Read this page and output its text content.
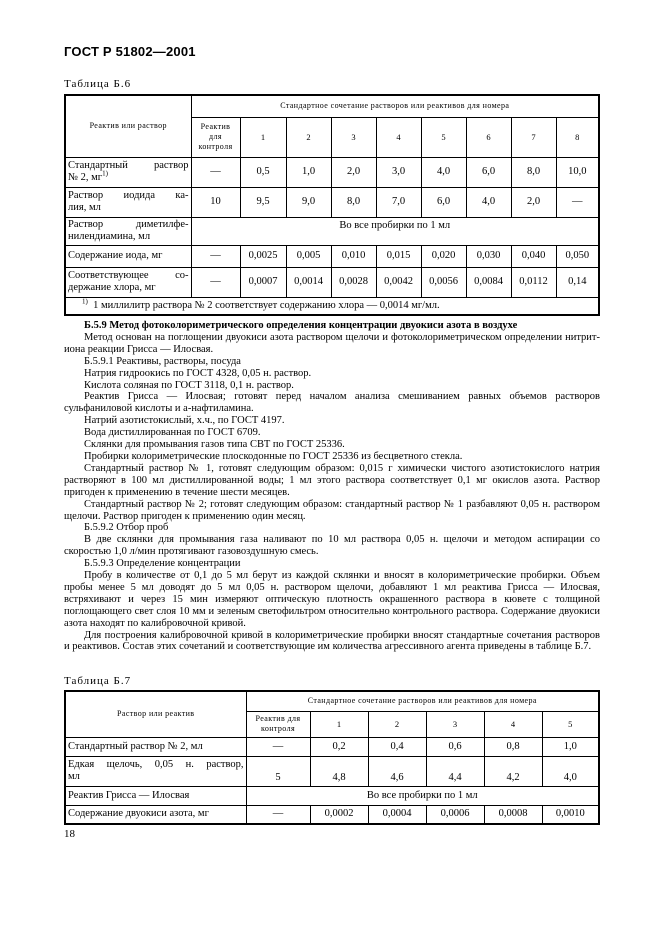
ГОСТ Р 51802—2001
Таблица Б.6
Реактив или раствор	Стандартное сочетание растворов или реактивов для номера								
	Реактив для контроля	1	2	3	4	5	6	7	8

Стандартный раствор
№ 2, $мг^{1)}$	—	0,5	1,0	2,0	3,0	4,0	6,0	8,0	10,0

Раствор иодида ка-
лия, мл	10	9,5	9,0	8,0	7,0	6,0	4,0	2,0	—

Раствор диметилфе-
нилендиамина, мл	Во все пробирки по 1 мл								
Содержание иода, мг	—	0,0025	0,005	0,010	0,015	0,020	0,030	0,040	0,050

Соответствующее со-
держание хлора, мг	—	0,0007	0,0014	0,0028	0,0042	0,0056	0,0084	0,0112	0,14
$^{1)}$ 1 миллилитр раствора № 2 соответствует содержанию хлора — 0,0014 мг/мл.									

Б.5.9 Метод фотоколориметрического определения концентрации двуокиси азота в воздухе

Метод основан на поглощении двуокиси азота раствором щелочи и фотоколориметрическом определении нитрит-иона реакции Грисса — Илосвая.

Б.5.9.1 Реактивы, растворы, посуда

Натрия гидроокись по ГОСТ 4328, 0,05 н. раствор.

Кислота соляная по ГОСТ 3118, 0,1 н. раствор.

Реактив Грисса — Илосвая; готовят перед началом анализа смешиванием равных объемов растворов сульфаниловой кислоты и a-нафтиламина.

Натрий азотистокислый, х.ч., по ГОСТ 4197.

Вода дистиллированная по ГОСТ 6709.

Склянки для промывания газов типа СВТ по ГОСТ 25336.

Пробирки колориметрические плоскодонные по ГОСТ 25336 из бесцветного стекла.

Стандартный раствор № 1, готовят следующим образом: 0,015 г химически чистого азотистокислого натрия растворяют в 100 мл дистиллированной воды; 1 мл этого раствора соответствует 0,1 мг окислов азота. Раствор пригоден к применению в течение шести месяцев.

Стандартный раствор № 2; готовят следующим образом: стандартный раствор № 1 разбавляют 0,05 н. раствором щелочи. Раствор пригоден к применению один месяц.

Б.5.9.2 Отбор проб

В две склянки для промывания газа наливают по 10 мл раствора 0,05 н. щелочи и методом аспирации со скоростью 1,0 л/мин протягивают газовоздушную смесь.

Б.5.9.3 Определение концентрации

Пробу в количестве от 0,1 до 5 мл берут из каждой склянки и вносят в колориметрические пробирки. Объем пробы менее 5 мл доводят до 5 мл 0,05 н. раствором щелочи, добавляют 1 мл реактива Грисса — Илосвая, встряхивают и через 15 мин измеряют оптическую плотность окрашенного раствора в кювете с толщиной поглощающего свет слоя 10 мм и зеленым светофильтром относительно контрольного раствора. Содержание двуокиси азота находят по калибровочной кривой.

Для построения калибровочной кривой в колориметрические пробирки вносят стандартные сочетания растворов и реактивов. Состав этих сочетаний и соответствующие им количества агрессивного агента приведены в таблице Б.7.

Таблица Б.7
Раствор или реактив	Стандартное сочетание растворов или реактивов для номера					
	Реактив для контроля	1	2	3	4	5
Стандартный раствор № 2, мл	—	0,2	0,4	0,6	0,8	1,0

Едкая щелочь, 0,05 н. раствор,
мл	5	4,8	4,6	4,4	4,2	4,0
Реактив Грисса — Илосвая	Во все пробирки по 1 мл					
Содержание двуокиси азота, мг	—	0,0002	0,0004	0,0006	0,0008	0,0010
18
